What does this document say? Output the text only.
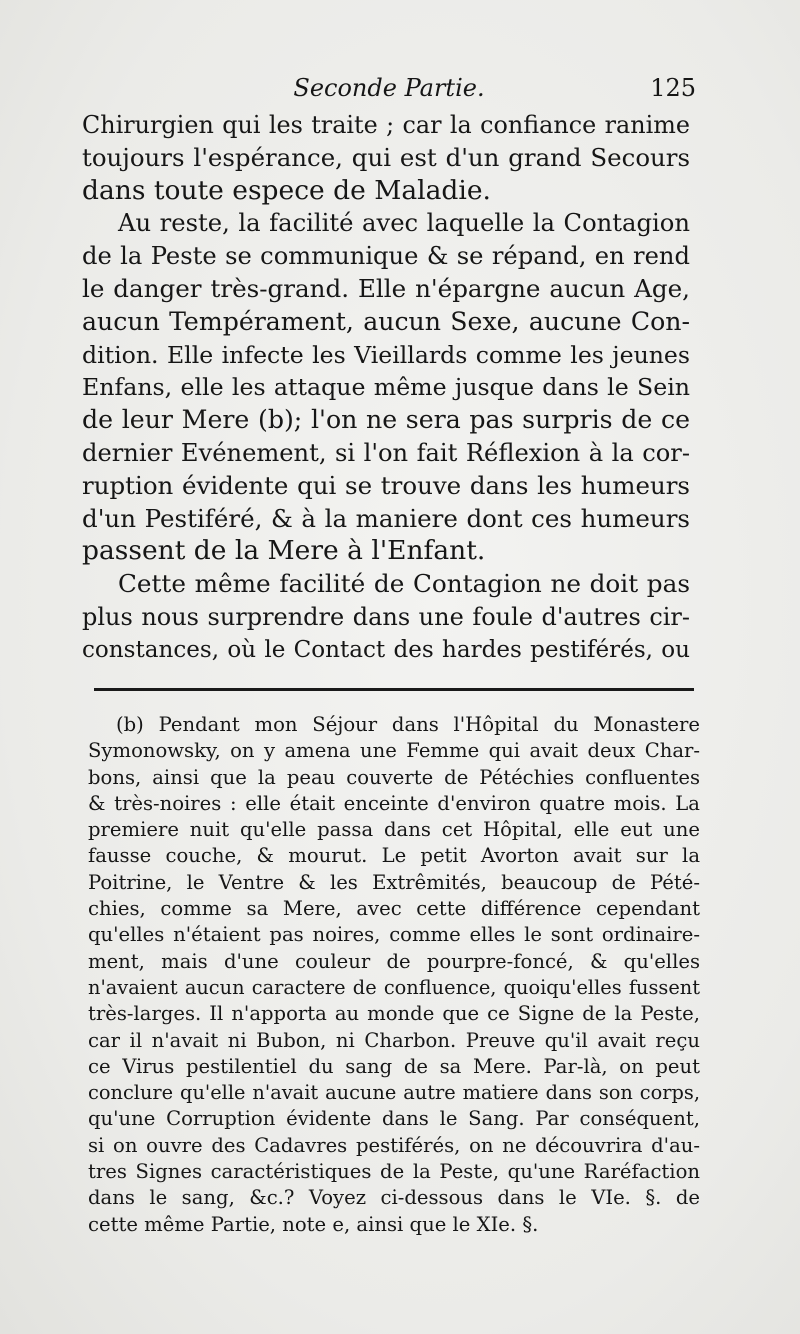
Seconde Partie.	125
Chirurgien qui les traite ; car la confiance ranime
toujours l'espérance, qui est d'un grand Secours
dans toute espece de Maladie.
Au reste, la facilité avec laquelle la Contagion
de la Peste se communique & se répand, en rend
le danger très-grand. Elle n'épargne aucun Age,
aucun Tempérament, aucun Sexe, aucune Con-
dition. Elle infecte les Vieillards comme les jeunes
Enfans, elle les attaque même jusque dans le Sein
de leur Mere (b); l'on ne sera pas surpris de ce
dernier Evénement, si l'on fait Réflexion à la cor-
ruption évidente qui se trouve dans les humeurs
d'un Pestiféré, & à la maniere dont ces humeurs
passent de la Mere à l'Enfant.
Cette même facilité de Contagion ne doit pas
plus nous surprendre dans une foule d'autres cir-
constances, où le Contact des hardes pestiférés, ou
(b) Pendant mon Séjour dans l'Hôpital du Monastere
Symonowsky, on y amena une Femme qui avait deux Char-
bons, ainsi que la peau couverte de Pétéchies confluentes
& très-noires : elle était enceinte d'environ quatre mois. La
premiere nuit qu'elle passa dans cet Hôpital, elle eut une
fausse couche, & mourut. Le petit Avorton avait sur la
Poitrine, le Ventre & les Extrêmités, beaucoup de Pété-
chies, comme sa Mere, avec cette différence cependant
qu'elles n'étaient pas noires, comme elles le sont ordinaire-
ment, mais d'une couleur de pourpre-foncé, & qu'elles
n'avaient aucun caractere de confluence, quoiqu'elles fussent
très-larges. Il n'apporta au monde que ce Signe de la Peste,
car il n'avait ni Bubon, ni Charbon. Preuve qu'il avait reçu
ce Virus pestilentiel du sang de sa Mere. Par-là, on peut
conclure qu'elle n'avait aucune autre matiere dans son corps,
qu'une Corruption évidente dans le Sang. Par conséquent,
si on ouvre des Cadavres pestiférés, on ne découvrira d'au-
tres Signes caractéristiques de la Peste, qu'une Raréfaction
dans le sang, &c.? Voyez ci-dessous dans le VIe. §. de
cette même Partie, note e, ainsi que le XIe. §.
